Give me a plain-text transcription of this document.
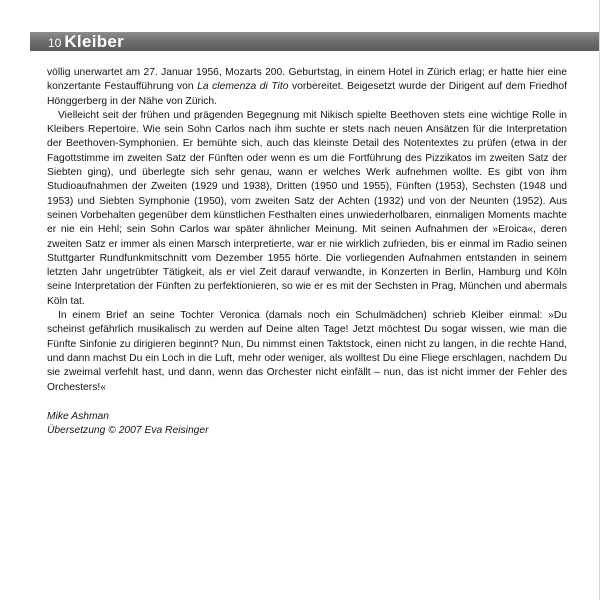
10 Kleiber

völlig unerwartet am 27. Januar 1956, Mozarts 200. Geburtstag, in einem Hotel in Zürich erlag; er hatte hier eine konzertante Festaufführung von La clemenza di Tito vorbereitet. Beigesetzt wurde der Dirigent auf dem Friedhof Hönggerberg in der Nähe von Zürich.

Vielleicht seit der frühen und prägenden Begegnung mit Nikisch spielte Beethoven stets eine wichtige Rolle in Kleibers Repertoire. Wie sein Sohn Carlos nach ihm suchte er stets nach neuen Ansätzen für die Interpretation der Beethoven-Symphonien. Er bemühte sich, auch das kleinste Detail des Notentextes zu prüfen (etwa in der Fagottstimme im zweiten Satz der Fünften oder wenn es um die Fortführung des Pizzikatos im zweiten Satz der Siebten ging), und überlegte sich sehr genau, wann er welches Werk aufnehmen wollte. Es gibt von ihm Studioaufnahmen der Zweiten (1929 und 1938), Dritten (1950 und 1955), Fünften (1953), Sechsten (1948 und 1953) und Siebten Symphonie (1950), vom zweiten Satz der Achten (1932) und von der Neunten (1952). Aus seinen Vorbehalten gegenüber dem künstlichen Festhalten eines unwiederholbaren, einmaligen Moments machte er nie ein Hehl; sein Sohn Carlos war später ähnlicher Meinung. Mit seinen Aufnahmen der »Eroica«, deren zweiten Satz er immer als einen Marsch interpretierte, war er nie wirklich zufrieden, bis er einmal im Radio seinen Stuttgarter Rundfunkmitschnitt vom Dezember 1955 hörte. Die vorliegenden Aufnahmen entstanden in seinem letzten Jahr ungetrübter Tätigkeit, als er viel Zeit darauf verwandte, in Konzerten in Berlin, Hamburg und Köln seine Interpretation der Fünften zu perfektionieren, so wie er es mit der Sechsten in Prag, München und abermals Köln tat.

In einem Brief an seine Tochter Veronica (damals noch ein Schulmädchen) schrieb Kleiber einmal: »Du scheinst gefährlich musikalisch zu werden auf Deine alten Tage! Jetzt möchtest Du sogar wissen, wie man die Fünfte Sinfonie zu dirigieren beginnt? Nun, Du nimmst einen Taktstock, einen nicht zu langen, in die rechte Hand, und dann machst Du ein Loch in die Luft, mehr oder weniger, als wolltest Du eine Fliege erschlagen, nachdem Du sie zweimal verfehlt hast, und dann, wenn das Orchester nicht einfällt – nun, das ist nicht immer der Fehler des Orchesters!«

Mike Ashman
Übersetzung © 2007 Eva Reisinger
